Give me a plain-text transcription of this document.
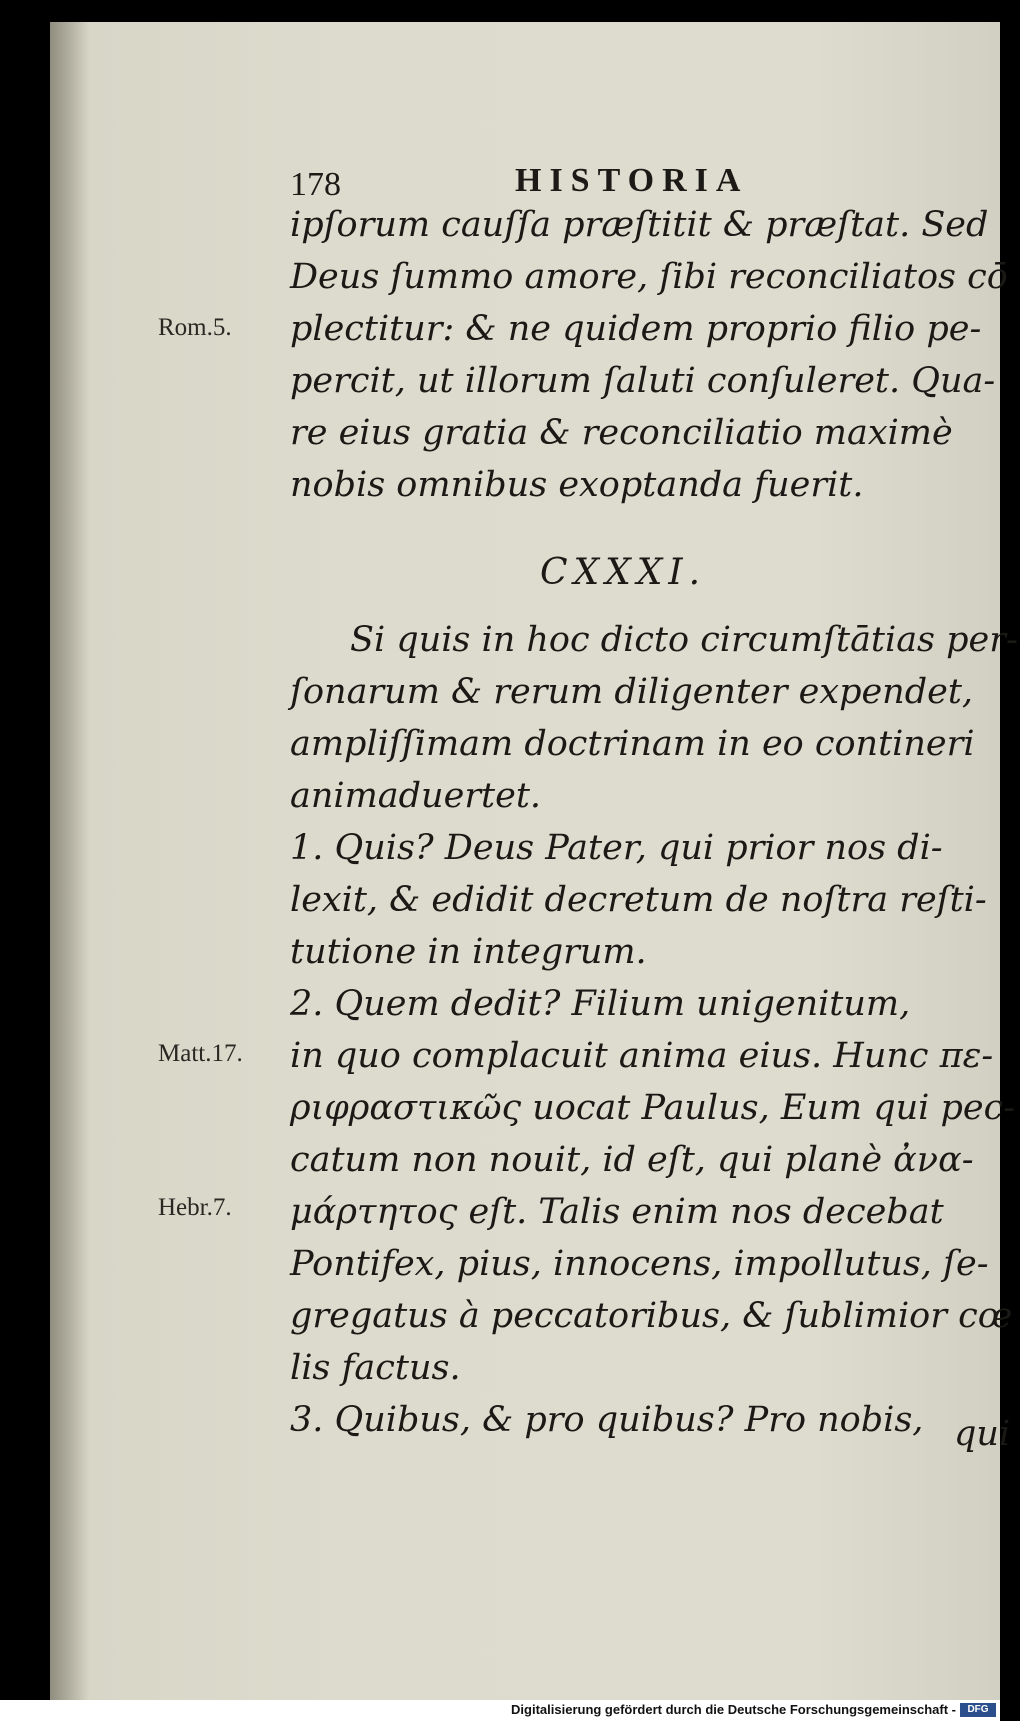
178	HISTORIA
ipſorum cauſſa præſtitit & præſtat. Sed
Deus ſummo amore, ſibi reconciliatos cō
plectitur: & ne quidem proprio filio pe-
percit, ut illorum ſaluti conſuleret. Qua-
re eius gratia & reconciliatio maximè
nobis omnibus exoptanda fuerit.
CXXXI.
Si quis in hoc dicto circumſtātias per-
ſonarum & rerum diligenter expendet,
ampliſſimam doctrinam in eo contineri
animaduertet.
1. Quis? Deus Pater, qui prior nos di-
lexit, & edidit decretum de noſtra reſti-
tutione in integrum.
2. Quem dedit? Filium unigenitum,
in quo complacuit anima eius. Hunc πε-
ριφραστικῶς uocat Paulus, Eum qui pec-
catum non nouit, id eſt, qui planè ἀνα-
μάρτητος eſt. Talis enim nos decebat
Pontifex, pius, innocens, impollutus, ſe-
gregatus à peccatoribus, & ſublimior cœ
lis factus.
3. Quibus, & pro quibus? Pro nobis, qui
Rom.5.
Matt.17.
Hebr.7.
Digitalisierung gefördert durch die Deutsche Forschungsgemeinschaft -	DFG
